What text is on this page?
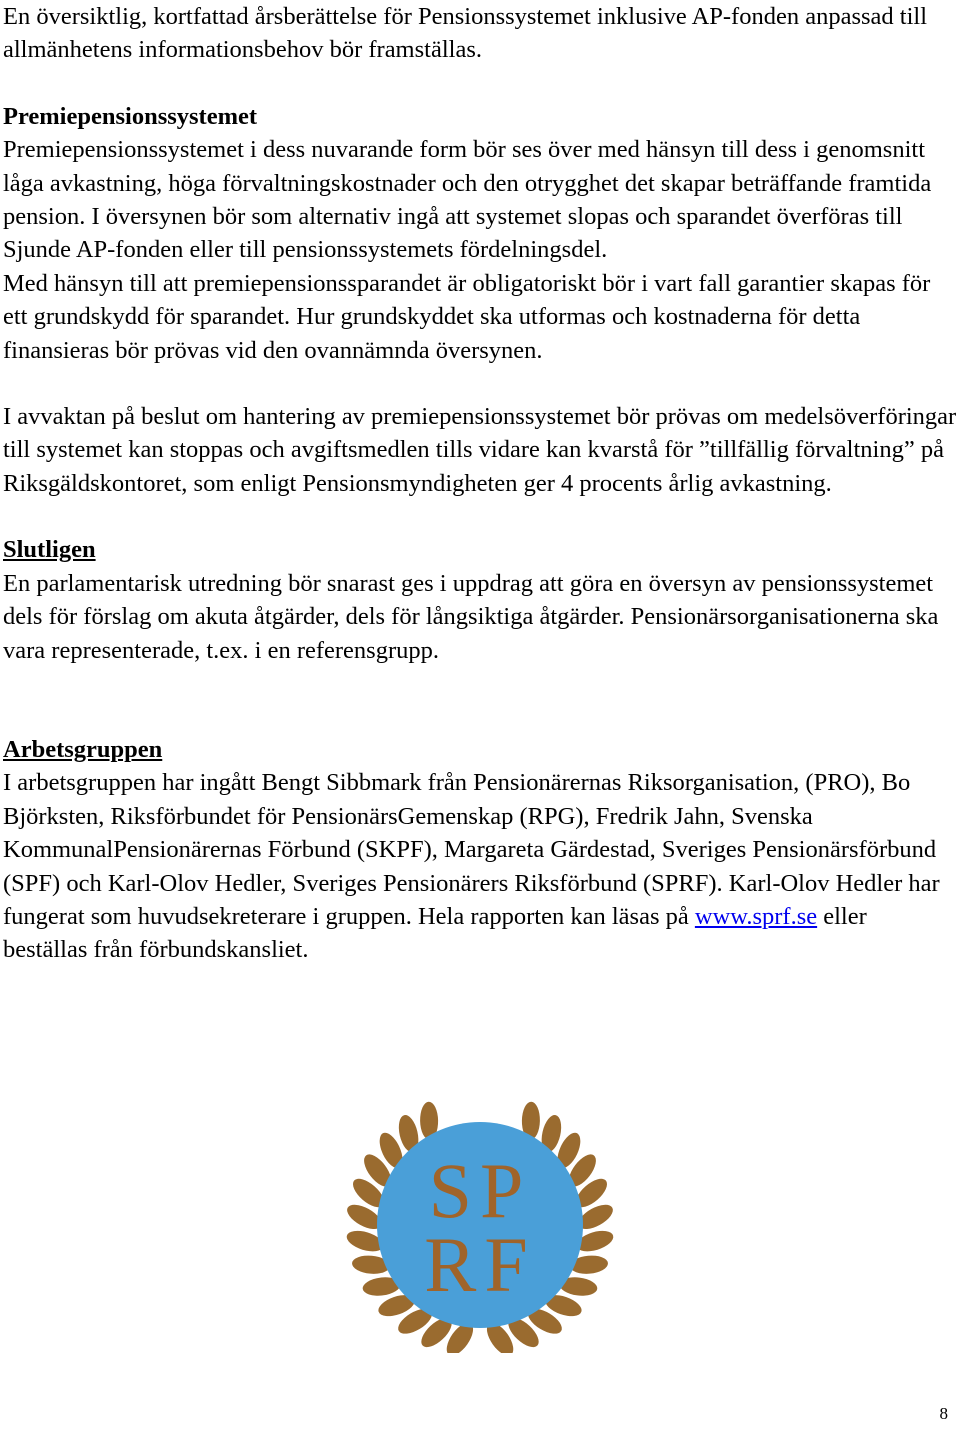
En översiktlig, kortfattad årsberättelse för Pensionssystemet inklusive AP-fonden anpassad till allmänhetens informationsbehov bör framställas.

Premiepensionssystemet

Premiepensionssystemet i dess nuvarande form bör ses över med hänsyn till dess i genomsnitt låga avkastning, höga förvaltningskostnader och den otrygghet det skapar beträffande framtida pension. I översynen bör som alternativ ingå att systemet slopas och sparandet överföras till Sjunde AP-fonden eller till pensionssystemets fördelningsdel.

Med hänsyn till att premiepensionssparandet är obligatoriskt bör i vart fall garantier skapas för ett grundskydd för sparandet. Hur grundskyddet ska utformas och kostnaderna för detta finansieras bör prövas vid den ovannämnda översynen.

I avvaktan på beslut om hantering av premiepensionssystemet bör prövas om medelsöverföringar till systemet kan stoppas och avgiftsmedlen tills vidare kan kvarstå för ”tillfällig förvaltning” på Riksgäldskontoret, som enligt Pensionsmyndigheten ger 4 procents årlig avkastning.

Slutligen

En parlamentarisk utredning bör snarast ges i uppdrag att göra en översyn av pensionssystemet dels för förslag om akuta åtgärder, dels för långsiktiga åtgärder. Pensionärsorganisationerna ska vara representerade, t.ex. i en referensgrupp.

Arbetsgruppen

I arbetsgruppen har ingått Bengt Sibbmark från Pensionärernas Riksorganisation, (PRO), Bo Björksten, Riksförbundet för PensionärsGemenskap (RPG), Fredrik Jahn, Svenska KommunalPensionärernas Förbund (SKPF), Margareta Gärdestad, Sveriges Pensionärsförbund (SPF) och Karl-Olov Hedler, Sveriges Pensionärers Riksförbund (SPRF). Karl-Olov Hedler har fungerat som huvudsekreterare i gruppen. Hela rapporten kan läsas på www.sprf.se eller beställas från förbundskansliet.

SP
RF
8
